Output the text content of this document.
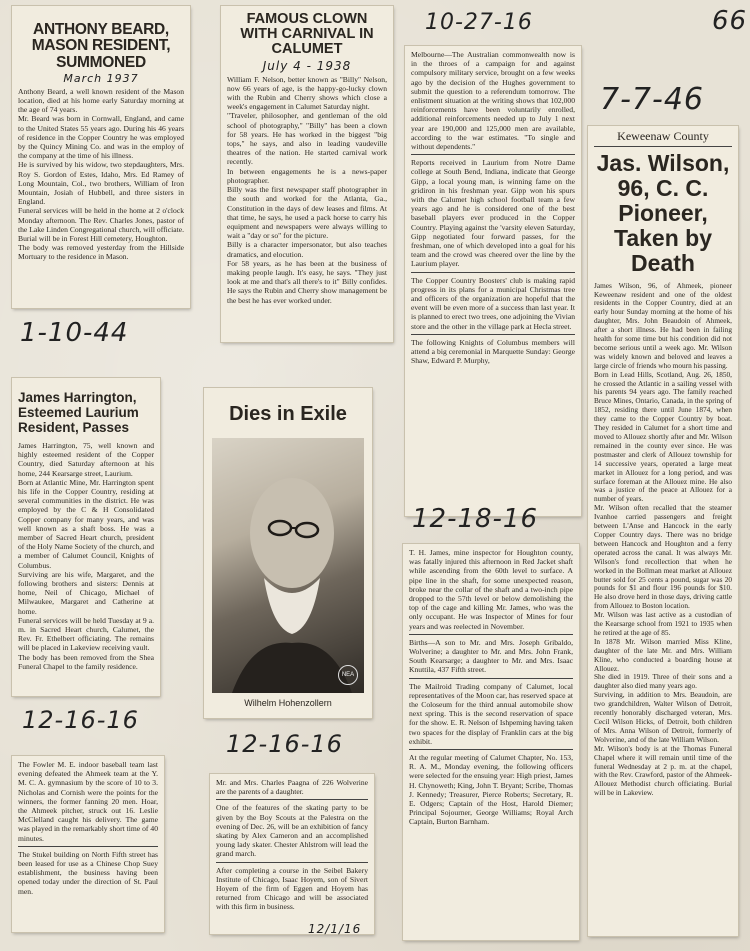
66
ANTHONY BEARD, MASON RESIDENT, SUMMONED
March 1937
Anthony Beard, a well known resident of the Mason location, died at his home early Saturday morning at the age of 74 years.
Mr. Beard was born in Cornwall, England, and came to the United States 55 years ago. During his 46 years of residence in the Copper Country he was employed by the Quincy Mining Co. and was in the employ of the company at the time of his illness.
He is survived by his widow, two stepdaughters, Mrs. Roy S. Gordon of Estes, Idaho, Mrs. Ed Ramey of Long Mountain, Col., two brothers, William of Iron Mountain, Josiah of Hubbell, and three sisters in England.
Funeral services will be held in the home at 2 o'clock Monday afternoon. The Rev. Charles Jones, pastor of the Lake Linden Congregational church, will officiate. Burial will be in Forest Hill cemetery, Houghton.
The body was removed yesterday from the Hillside Mortuary to the residence in Mason.
1-10-44
FAMOUS CLOWN WITH CARNIVAL IN CALUMET
July 4 - 1938
William F. Nelson, better known as "Billy" Nelson, now 66 years of age, is the happy-go-lucky clown with the Rubin and Cherry shows which close a week's engagement in Calumet Saturday night.
"Traveler, philosopher, and gentleman of the old school of photography," "Billy" has been a clown for 58 years. He has worked in the biggest "big tops," he says, and also in leading vaudeville theatres of the nation. He started carnival work recently.
In between engagements he is a news-paper photographer.
Billy was the first newspaper staff photographer in the south and worked for the Atlanta, Ga., Constitution in the days of dew leases and films. At that time, he says, he used a pack horse to carry his equipment and newspapers were always willing to wait a "day or so" for the picture.
Billy is a character impersonator, but also teaches dramatics, and elocution.
For 58 years, as he has been at the business of making people laugh. It's easy, he says. "They just look at me and that's all there's to it" Billy confides. He says the Rubin and Cherry show management be the best he has ever worked under.
10-27-16
Melbourne—The Australian commonwealth now is in the throes of a campaign for and against compulsory military service, brought on a few weeks ago by the decision of the Hughes government to submit the question to a referendum tomorrow. The enlistment situation at the writing shows that 102,000 reinforcements have been voluntarily enrolled, additional reinforcements needed up to July 1 next year are 190,000 and 125,000 men are available, according to the war estimates. "To single and without dependents."
Reports received in Laurium from Notre Dame college at South Bend, Indiana, indicate that George Gipp, a local young man, is winning fame on the gridiron in his freshman year. Gipp won his spurs with the Calumet high school football team a few years ago and he is considered one of the best baseball players ever produced in the Copper Country. Playing against the 'varsity eleven Saturday, Gipp negotiated four forward passes, for the freshman, one of which developed into a goal for his team and the crowd was cheered over the line by the Laurium player.
The Copper Country Boosters' club is making rapid progress in its plans for a municipal Christmas tree and officers of the organization are hopeful that the event will be even more of a success than last year. It is planned to erect two trees, one adjoining the Vivian store and the other in the village park at Hecla street.
The following Knights of Columbus members will attend a big ceremonial in Marquette Sunday: George Shaw, Edward P. Murphy,
7-7-46
Keweenaw County
Jas. Wilson, 96, C. C. Pioneer, Taken by Death
James Wilson, 96, of Ahmeek, pioneer Keweenaw resident and one of the oldest residents in the Copper Country, died at an early hour Sunday morning at the home of his daughter, Mrs. John Beaudoin of Ahmeek, after a short illness. He had been in failing health for some time but his condition did not become serious until a week ago. Mr. Wilson was widely known and beloved and leaves a large circle of friends who mourn his passing.
Born in Lead Hills, Scotland, Aug. 26, 1850, he crossed the Atlantic in a sailing vessel with his parents 94 years ago. The family reached Bruce Mines, Ontario, Canada, in the spring of 1852, residing there until June 1874, when they came to the Copper Country by boat. They resided in Calumet for a short time and moved to Allouez shortly after and Mr. Wilson remained in the county ever since. He was postmaster and clerk of Allouez township for 14 successive years, operated a large meat market in Allouez for a long period, and was surface foreman at the Allouez mine. He also was a justice of the peace at Allouez for a number of years.
Mr. Wilson often recalled that the steamer Ivanhoe carried passengers and freight between L'Anse and Hancock in the early Copper Country days. There was no bridge between Hancock and Houghton and a ferry operated across the canal. It was always Mr. Wilson's fond recollection that when he worked in the Bollman meat market at Allouez butter sold for 25 cents a pound, sugar was 20 pounds for $1 and flour 196 pounds for $10. He also drove herd in those days, driving cattle from Allouez to Boston location.
Mr. Wilson was last active as a custodian of the Kearsarge school from 1921 to 1935 when he retired at the age of 85.
In 1878 Mr. Wilson married Miss Kline, daughter of the late Mr. and Mrs. William Kline, who conducted a boarding house at Allouez.
She died in 1919. Three of their sons and a daughter also died many years ago.
Surviving, in addition to Mrs. Beaudoin, are two grandchildren, Walter Wilson of Detroit, recently honorably discharged veteran, Mrs. Cecil Wilson Hicks, of Detroit, both children of Mrs. Anna Wilson of Detroit, formerly of Wolverine, and of the late William Wilson.
Mr. Wilson's body is at the Thomas Funeral Chapel where it will remain until time of the funeral Wednesday at 2 p. m. at the chapel, with the Rev. Crawford, pastor of the Ahmeek-Allouez Methodist church officiating. Burial will be in Lakeview.
James Harrington, Esteemed Laurium Resident, Passes
James Harrington, 75, well known and highly esteemed resident of the Copper Country, died Saturday afternoon at his home, 244 Kearsarge street, Laurium.
Born at Atlantic Mine, Mr. Harrington spent his life in the Copper Country, residing at several communities in the district. He was employed by the C & H Consolidated Copper company for many years, and was well known as a shaft boss. He was a member of Sacred Heart church, president of the Holy Name Society of the church, and a member of Calumet Council, Knights of Columbus.
Surviving are his wife, Margaret, and the following brothers and sisters: Dennis at home, Neil of Chicago, Michael of Milwaukee, Margaret and Catherine at home.
Funeral services will be held Tuesday at 9 a. m. in Sacred Heart church, Calumet, the Rev. Fr. Ethelbert officiating. The remains will be placed in Lakeview receiving vault.
The body has been removed from the Shea Funeral Chapel to the family residence.
Dies in Exile
NEA
Wilhelm Hohenzollern
12-18-16
T. H. James, mine inspector for Houghton county, was fatally injured this afternoon in Red Jacket shaft while ascending from the 60th level to surface. A pipe line in the shaft, for some unexpected reason, broke near the collar of the shaft and a two-inch pipe dropped to the 57th level or below demolishing the top of the cage and killing Mr. James, who was the only occupant. He was Inspector of Mines for four years and was reelected in November.
Births—A son to Mr. and Mrs. Joseph Gribaldo, Wolverine; a daughter to Mr. and Mrs. John Frank, South Kearsarge; a daughter to Mr. and Mrs. Isaac Knuttila, 437 Fifth street.
The Mailroid Trading company of Calumet, local representatives of the Moon car, has reserved space at the Coloseum for the third annual automobile show next spring. This is the second reservation of space for the show. E. R. Nelson of Ishpeming having taken two spaces for the display of Franklin cars at the big exhibit.
At the regular meeting of Calumet Chapter, No. 153, R. A. M., Monday evening, the following officers were selected for the ensuing year: High priest, James H. Chynoweth; King, John T. Bryant; Scribe, Thomas J. Kennedy; Treasurer, Pierce Roberts; Secretary, R. E. Odgers; Captain of the Host, Harold Diemer; Principal Sojourner, George Williams; Royal Arch Captain, Burton Barnham.
12-16-16
The Fowler M. E. indoor baseball team last evening defeated the Ahmeek team at the Y. M. C. A. gymnasium by the score of 10 to 3. Nicholas and Cornish were the points for the winners, the former fanning 20 men. Hoar, the Ahmeek pitcher, struck out 16. Leslie McClelland caught his delivery. The game was played in the remarkably short time of 40 minutes.
The Stukel building on North Fifth street has been leased for use as a Chinese Chop Suey establishment, the business having been opened today under the direction of St. Paul men.
12-16-16
Mr. and Mrs. Charles Paagna of 226 Wolverine are the parents of a daughter.
One of the features of the skating party to be given by the Boy Scouts at the Palestra on the evening of Dec. 26, will be an exhibition of fancy skating by Alex Cameron and an accomplished young lady skater. Chester Ahlstrom will lead the grand march.
After completing a course in the Seibel Bakery Institute of Chicago, Isaac Hoyem, son of Sivert Hoyem of the firm of Eggen and Hoyem has returned from Chicago and will be associated with this firm in business.
12/1/16
